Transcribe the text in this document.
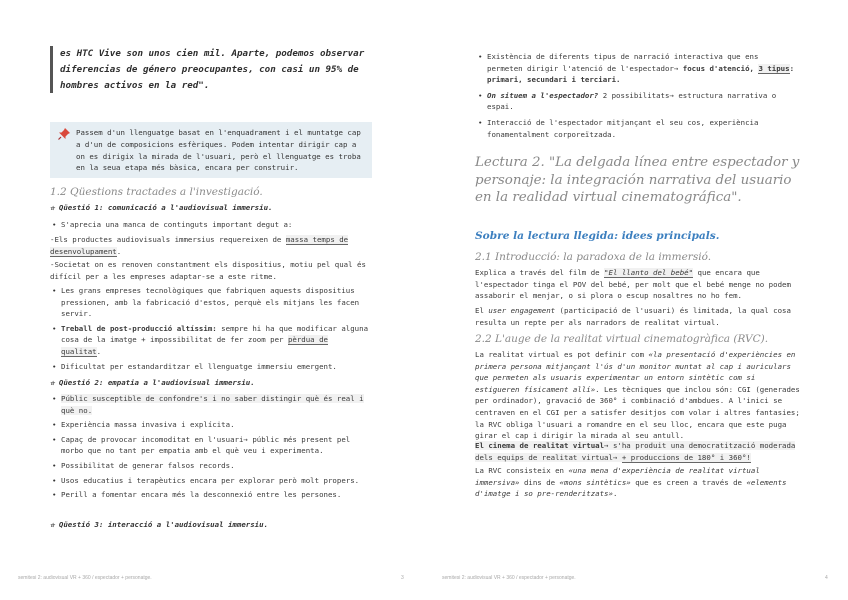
es HTC Vive son unos cien mil. Aparte, podemos observar diferencias de género preocupantes, con casi un 95% de hombres activos en la red".
Passem d'un llenguatge basat en l'enquadrament i el muntatge cap a d'un de composicions esfèriques. Podem intentar dirigir cap a on es dirigix la mirada de l'usuari, però el llenguatge es troba en la seua etapa més bàsica, encara per construir.
1.2 Qüestions tractades a l'investigació.
☆ Qüestió 1: comunicació a l'audiovisual immersiu.
• S'aprecia una manca de continguts important degut a:
-Els productes audiovisuals immersius requereixen de massa temps de desenvolupament.
-Societat on es renoven constantment els dispositius, motiu pel qual és difícil per a les empreses adaptar-se a este ritme.
• Les grans empreses tecnològiques que fabriquen aquests dispositius pressionen, amb la fabricació d'estos, perquè els mitjans les facen servir.
• Treball de post-producció altíssim: sempre hi ha que modificar alguna cosa de la imatge + impossibilitat de fer zoom per pèrdua de qualitat.
• Dificultat per estandarditzar el llenguatge immersiu emergent.
☆ Qüestió 2: empatia a l'audiovisual immersiu.
• Públic susceptible de confondre's i no saber distingir què és real i què no.
• Experiència massa invasiva i explícita.
• Capaç de provocar incomoditat en l'usuari→ públic més present pel morbo que no tant per empatia amb el què veu i experimenta.
• Possibilitat de generar falsos records.
• Usos educatius i terapèutics encara per explorar però molt propers.
• Perill a fomentar encara més la desconnexió entre les persones.
☆ Qüestió 3: interacció a l'audiovisual immersiu.
semitesi 2: audiovisual VR + 360 / espectador + personatge.	3
• Existència de diferents tipus de narració interactiva que ens permeten dirigir l'atenció de l'espectador→ focus d'atenció, 3 tipus: primari, secundari i terciari.
• On situem a l'espectador? 2 possibilitats→ estructura narrativa o espai.
• Interacció de l'espectador mitjançant el seu cos, experiència fonamentalment corporeïtzada.
Lectura 2. "La delgada línea entre espectador y personaje: la integración narrativa del usuario en la realidad virtual cinematográfica".
Sobre la lectura llegida: idees principals.
2.1 Introducció: la paradoxa de la immersió.
Explica a través del film de "El llanto del bebé" que encara que l'espectador tinga el POV del bebé, per molt que el bebé menge no podem assaborir el menjar, o si plora o escup nosaltres no ho fem.
El user engagement (participació de l'usuari) és limitada, la qual cosa resulta un repte per als narradors de realitat virtual.
2.2 L'auge de la realitat virtual cinematogràfica (RVC).
La realitat virtual es pot definir com «la presentació d'experiències en primera persona mitjançant l'ús d'un monitor muntat al cap i auriculars que permeten als usuaris experimentar un entorn sintètic com si estigueren físicament allí». Les tècniques que inclou són: CGI (generades per ordinador), gravació de 360° i combinació d'ambdues. A l'inici se centraven en el CGI per a satisfer desitjos com volar i altres fantasies; la RVC obliga l'usuari a romandre en el seu lloc, encara que este puga girar el cap i dirigir la mirada al seu antull.
El cinema de realitat virtual→ s'ha produit una democratització moderada dels equips de realitat virtual→ + produccions de 180° i 360°!
La RVC consisteix en «una mena d'experiència de realitat virtual immersiva» dins de «mons sintètics» que es creen a través de «elements d'imatge i so pre-renderitzats».
semitesi 2: audiovisual VR + 360 / espectador + personatge.	4
